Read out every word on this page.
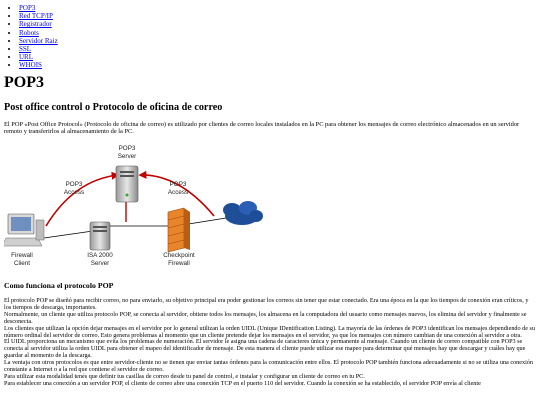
• POP3
• Red TCP/IP
• Registrador
• Robots
• Servidor Raiz
• SSL
• URL
• WHOIS
POP3
Post office control o Protocolo de oficina de correo

El POP «Post Office Protocol» (Protocolo de oficina de correo) es utilizado por clientes de correo locales instalados en la PC para obtener los mensajes de correo electrónico almacenados en un servidor remoto y transferirlos al almacenamiento de la PC.

POP3
Server
POP3
Access
POP3
Access
Firewall
Client
ISA 2000
Server
Checkpoint
Firewall
Como funciona el protocolo POP

El protocolo POP se diseñó para recibir correo, no para enviarlo, su objetivo principal era poder gestionar los correos sin tener que estar conectado. Era una época en la que los tiempos de conexión eran críticos, y los tiempos de descarga, importantes.

Normalmente, un cliente que utiliza protocolo POP, se conecta al servidor, obtiene todos los mensajes, los almacena en la computadora del usuario como mensajes nuevos, los elimina del servidor y finalmente se desconecta.

Los clientes que utilizan la opción dejar mensajes en el servidor por lo general utilizan la orden UIDL (Unique IDentification Listing). La mayoría de las órdenes de POP3 identifican los mensajes dependiendo de su número ordinal del servidor de correo. Esto genera problemas al momento que un cliente pretende dejar los mensajes en el servidor, ya que los mensajes con número cambian de una conexión al servidor a otra.

El UIDL proporciona un mecanismo que evita los problemas de numeración. El servidor le asigna una cadena de caracteres única y permanente al mensaje. Cuando un cliente de correo compatible con POP3 se conecta al servidor utiliza la orden UIDL para obtener el mapeo del identificador de mensaje. De esta manera el cliente puede utilizar ese mapeo para determinar qué mensajes hay que descargar y cuáles hay que guardar al momento de la descarga.

La ventaja con otros protocolos es que entre servidor-cliente no se tienen que enviar tantas órdenes para la comunicación entre ellos. El protocolo POP también funciona adecuadamente si no se utiliza una conexión constante a Internet o a la red que contiene el servidor de correo.

Para utilizar esta modalidad tenés que definir tus casillas de correo desde tu panel de control, e instalar y configurar un cliente de correo en tu PC.

Para establecer una conexión a un servidor POP, el cliente de correo abre una conexión TCP en el puerto 110 del servidor. Cuando la conexión se ha establecido, el servidor POP envía al cliente
